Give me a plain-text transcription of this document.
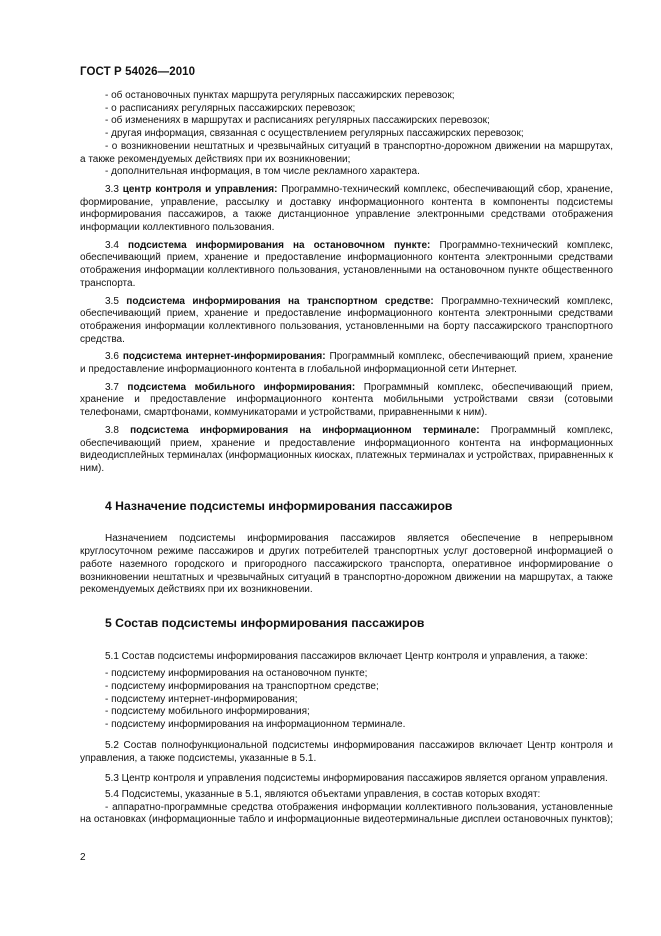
ГОСТ Р 54026—2010

- об остановочных пунктах маршрута регулярных пассажирских перевозок;

- о расписаниях регулярных пассажирских перевозок;

- об изменениях в маршрутах и расписаниях регулярных пассажирских перевозок;

- другая информация, связанная с осуществлением регулярных пассажирских перевозок;

- о возникновении нештатных и чрезвычайных ситуаций в транспортно-дорожном движении на маршрутах, а также рекомендуемых действиях при их возникновении;

- дополнительная информация, в том числе рекламного характера.

3.3 центр контроля и управления: Программно-технический комплекс, обеспечивающий сбор, хранение, формирование, управление, рассылку и доставку информационного контента в компоненты подсистемы информирования пассажиров, а также дистанционное управление электронными средствами отображения информации коллективного пользования.

3.4 подсистема информирования на остановочном пункте: Программно-технический комплекс, обеспечивающий прием, хранение и предоставление информационного контента электронными средствами отображения информации коллективного пользования, установленными на остановочном пункте общественного транспорта.

3.5 подсистема информирования на транспортном средстве: Программно-технический комплекс, обеспечивающий прием, хранение и предоставление информационного контента электронными средствами отображения информации коллективного пользования, установленными на борту пассажирского транспортного средства.

3.6 подсистема интернет-информирования: Программный комплекс, обеспечивающий прием, хранение и предоставление информационного контента в глобальной информационной сети Интернет.

3.7 подсистема мобильного информирования: Программный комплекс, обеспечивающий прием, хранение и предоставление информационного контента мобильными устройствами связи (сотовыми телефонами, смартфонами, коммуникаторами и устройствами, приравненными к ним).

3.8 подсистема информирования на информационном терминале: Программный комплекс, обеспечивающий прием, хранение и предоставление информационного контента на информационных видеодисплейных терминалах (информационных киосках, платежных терминалах и устройствах, приравненных к ним).

4 Назначение подсистемы информирования пассажиров

Назначением подсистемы информирования пассажиров является обеспечение в непрерывном круглосуточном режиме пассажиров и других потребителей транспортных услуг достоверной информацией о работе наземного городского и пригородного пассажирского транспорта, оперативное информирование о возникновении нештатных и чрезвычайных ситуаций в транспортно-дорожном движении на маршрутах, а также рекомендуемых действиях при их возникновении.

5 Состав подсистемы информирования пассажиров

5.1 Состав подсистемы информирования пассажиров включает Центр контроля и управления, а также:

- подсистему информирования на остановочном пункте;

- подсистему информирования на транспортном средстве;

- подсистему интернет-информирования;

- подсистему мобильного информирования;

- подсистему информирования на информационном терминале.

5.2 Состав полнофункциональной подсистемы информирования пассажиров включает Центр контроля и управления, а также подсистемы, указанные в 5.1.

5.3 Центр контроля и управления подсистемы информирования пассажиров является органом управления.

5.4 Подсистемы, указанные в 5.1, являются объектами управления, в состав которых входят:

- аппаратно-программные средства отображения информации коллективного пользования, установленные на остановках (информационные табло и информационные видеотерминальные дисплеи остановочных пунктов);

2
